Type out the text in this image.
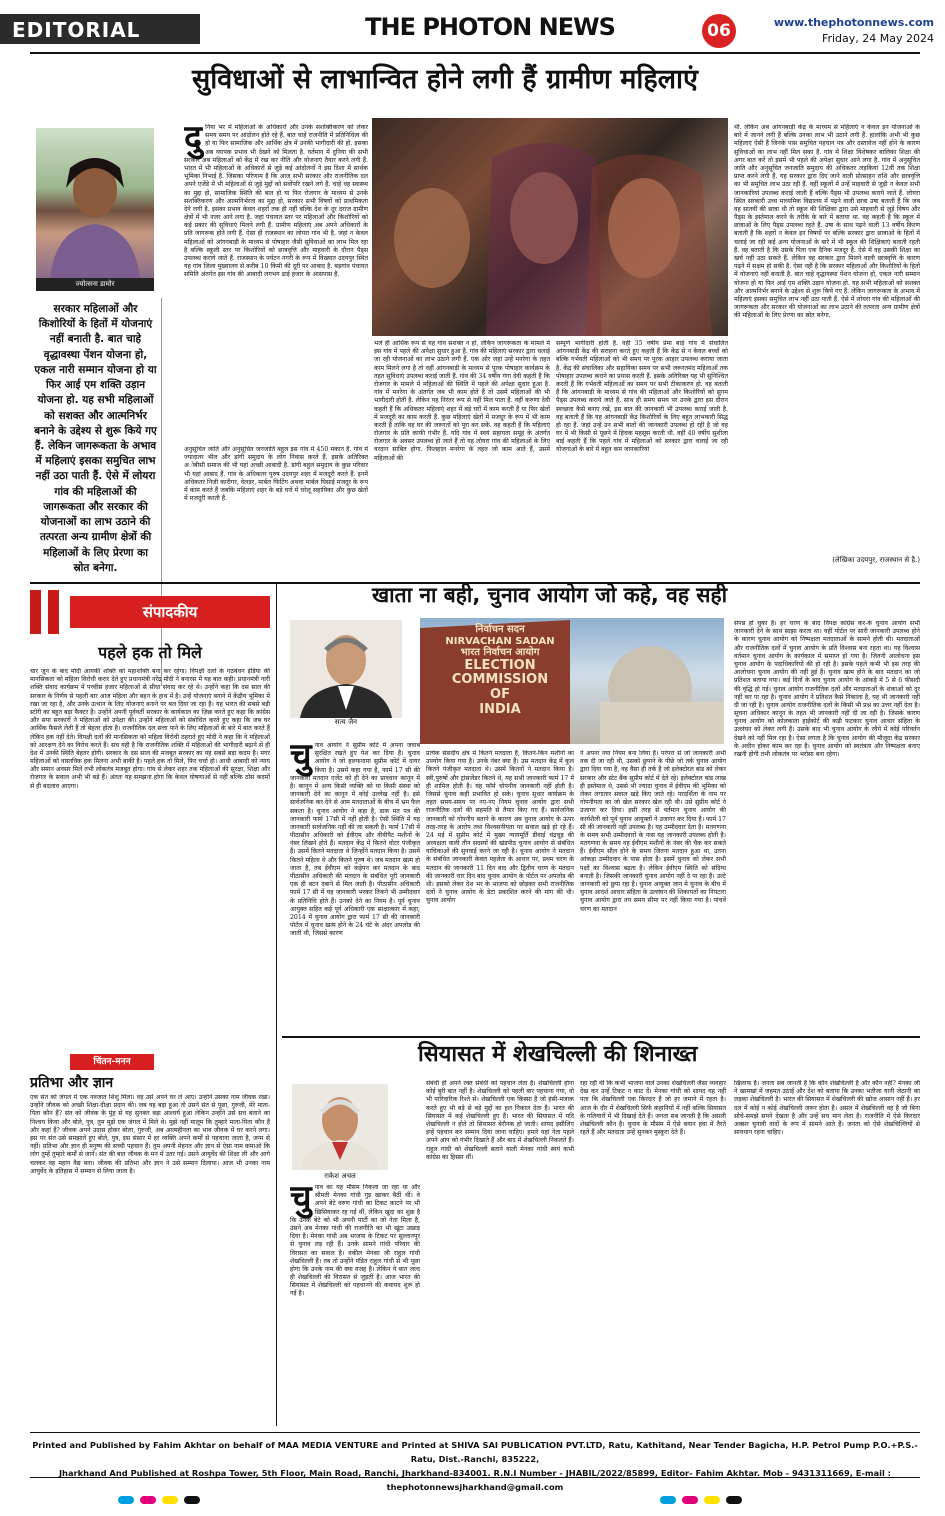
EDITORIAL	THE PHOTON NEWS	06	www.thephotonnews.com
Friday, 24 May 2024
सुविधाओं से लाभान्वित होने लगी हैं ग्रामीण महिलाएं
ज्योत्सना डामोर
सरकार महिलाओं और किशोरियों के हितों में योजनाएं नहीं बनाती है. बात चाहे वृद्धावस्था पेंशन योजना हो, एकल नारी सम्मान योजना हो या फिर आई एम शक्ति उड़ान योजना हो. यह सभी महिलाओं को सशक्त और आत्मनिर्भर बनाने के उद्देश्य से शुरू किये गए हैं. लेकिन जागरूकता के अभाव में महिलाएं इसका समुचित लाभ नहीं उठा पाती हैं. ऐसे में लोयरा गांव की महिलाओं की जागरूकता और सरकार की योजनाओं का लाभ उठाने की तत्परता अन्य ग्रामीण क्षेत्रों की महिलाओं के लिए प्रेरणा का स्रोत बनेगा.
दुनिया भर में महिलाओं के अधिकारों और उनके सशक्तिकरण को लेकर समय समय पर आंदोलन होते रहे हैं. बात चाहे राजनीति में प्रतिनिधित्व की हो या फिर सामाजिक और आर्थिक क्षेत्र में उनकी भागीदारी की हो. इसका अब व्यापक प्रभाव भी देखने को मिलता है. वर्तमान में दुनिया की सभी सरकारें अब महिलाओं को केंद्र में रख कर नीति और योजनाएं तैयार करने लगी हैं. भारत में भी महिलाओं के अधिकारों से जुड़े कई आंदोलनों ने इस दिशा में सार्थक भूमिका निभाई है. जिसका परिणाम है कि आज सभी सरकार और राजनीतिक दल अपने एजेंडे में भी महिलाओं से जुड़े मुद्दों को सर्वोपरि रखने लगे हैं. चाहे वह स्वास्थ्य का मुद्दा हो, सामाजिक स्थिति की बात हो या फिर रोजगार के माध्यम से उनके सशक्तिकरण और आत्मनिर्भरता का मुद्दा हो, सरकार सभी विषयों को प्राथमिकता देने लगी है. इसका प्रभाव केवल शहरों तक ही नहीं बल्कि देश के दूर दराज ग्रामीण क्षेत्रों में भी नजर आने लगा है. जहां पंचायत स्तर पर महिलाओं और किशोरियों को कई प्रकार की सुविधाएं मिलने लगी हैं. ग्रामीण महिलाएं अब अपने अधिकारों के प्रति जागरूक होने लगी हैं. ऐसा ही राजस्थान का लोयरा गांव भी है. जहां न केवल महिलाओं को आंगनबाड़ी के माध्यम से पोषाहार जैसी सुविधाओं का लाभ मिल रहा है बल्कि स्कूली स्तर पर किशोरियों को छात्रवृत्ति और माहवारी के दौरान पैड्स उपलब्ध कराये जाते हैं. राजस्थान के पर्यटन नगरी के रूप में विख्यात उदयपुर स्थित यह गांव जिला मुख्यालय से करीब 10 किमी की दूरी पर आबाद है. बड़गांव पंचायत समिति अंतर्गत इस गांव की आबादी लगभग ढाई हजार के आसपास है.
अनुसूचित जाति और अनुसूचित जनजाति बहुल इस गांव में 450 मकान हैं. गांव में ज्यादातर भील और डांगी समुदाय के लोग निवास करते हैं. इसके अतिरिक्त अोबीसी समाज की भी यहां अच्छी आबादी है. डांगी बहुल समुदाय के कुछ परिवार भी यहां आबाद हैं. गांव के अधिकतर पुरुष उदयपुर शहर में मजदूरी करते हैं. इनमें अधिकतर निजी कारीगर, वेलडर, मार्बल फिटिंग अथवा मार्बल घिसाई मजदूर के रूप में काम करते हैं जबकि महिलाएं शहर के बड़े घरों में घरेलू सहायिका और कुछ खेतों में मजदूरी करती हैं.
भले ही आर्थिक रूप से यह गांव सशक्त न हो, लेकिन जागरूकता के मामले में इस गांव में पहले की अपेक्षा सुधार हुआ है. गांव की महिलाएं सरकार द्वारा चलाई जा रही योजनाओं का लाभ उठाने लगी हैं. एक ओर जहां उन्हें मनरेगा के तहत काम मिलने लगा है तो वहीं आंगनबाड़ी के माध्यम से पूरक पोषाहार कार्यक्रम के तहत सुविधाएं उपलब्ध कराई जाती हैं. गांव की 34 वर्षीय गंगा देवी कहती हैं कि रोजगार के मामले में महिलाओं की स्थिति में पहले की अपेक्षा सुधार हुआ है. गांव में मनरेगा के अंतर्गत जब भी काम होते हैं तो उसमें महिलाओं की भी भागीदारी होती है. लेकिन यह निरंतर रूप से नहीं मिल पाता है. वहीं करुणा देवी कहती हैं कि अधिकतर महिलाएं शहर में बड़े घरों में काम करती हैं या फिर खेतों में मजदूरी का काम करती हैं. कुछ महिलाएं खेतों में मजदूर के रूप में भी काम करती हैं ताकि वह घर की जरूरतों को पूरा कर सकें. वह कहती हैं कि महिलाएं रोजगार के प्रति काफी गंभीर हैं. यदि गांव में स्वयं सहायता समूह के अंतर्गत रोजगार के अवसर उपलब्ध हो जाते हैं तो यह लोयरा गांव की महिलाओं के लिए वरदान साबित होगा. फिलहाल मनरेगा के तहत जो काम आते हैं, उसमें महिलाओं की
सम्पूर्ण भागीदारी होती है. वहीं 35 वर्षीय प्रेमा बाई गांव में संचालित आंगनबाड़ी केंद्र की सराहना करते हुए कहती हैं कि केंद्र से न केवल बच्चों को बल्कि गर्भवती महिलाओं को भी समय पर पूरक आहार उपलब्ध कराया जाता है. केंद्र की संचालिका और सहायिका समय पर सभी जरूरतमंद महिलाओं तक पोषाहार उपलब्ध कराने का प्रयास करती हैं. इसके अतिरिक्त यह भी सुनिश्चित करती हैं कि गर्भवती महिलाओं का समय पर सभी टीकाकरण हो. वह बताती हैं कि आंगनबाड़ी के माध्यम से गांव की महिलाओं और किशोरियों को सुगम पैड्स उपलब्ध कराये जाते हैं. साथ ही समय समय पर उनके द्वारा इस दौरान स्वच्छता कैसे बनाए रखें, इस बात की जानकारी भी उपलब्ध कराई जाती है. वह बताती हैं कि यह आंगनबाड़ी केंद्र किशोरियों के लिए बहुत लाभकारी सिद्ध हो रहा है. जहां उन्हें उन सभी बातों की जानकारी उपलब्ध हो रही है जो वह घर में भी किसी से पूछने में हिचक महसूस करती थी. वहीं 40 वर्षीय सुशीला बाई कहती हैं कि पहले गांव में महिलाओं को सरकार द्वारा चलाई जा रही योजनाओं के बारे में बहुत कम जानकारियां
थी. लेकिन अब आंगनबाड़ी केंद्र के माध्यम से महिलाएं न केवल इन योजनाओं के बारे में जानने लगी हैं बल्कि उनका लाभ भी उठाने लगी हैं. हालांकि अभी भी कुछ महिलाएं ऐसी हैं जिनके पास समुचित पहचान पत्र और दस्तावेज नहीं होने के कारण सुविधाओं का लाभ नहीं मिल सका है. गांव में शिक्षा विशेषकर बालिका शिक्षा की अगर बात करें तो इसमें भी पहले की अपेक्षा सुधार आने लगा है. गांव में अनुसूचित जाति और अनुसूचित जनजाति समुदाय की अधिकतर लड़कियां 12वीं तक शिक्षा प्राप्त करने लगी हैं. यह सरकार द्वारा दिए जाने वाली प्रोत्साहन राशि और छात्रवृत्ति का भी समुचित लाभ उठा रही हैं. वहीं स्कूलों में उन्हें माहवारी से जुड़ी न केवल सभी जानकारियां उपलब्ध कराई जाती हैं बल्कि पैड्स भी उपलब्ध कराये जाते हैं. लोयरा स्थित सरकारी उच्च माध्यमिक विद्यालय में पढ़ने वाली छात्रा उषा बताती है कि जब वह सातवीं की छात्रा थी तो स्कूल की शिक्षिका द्वारा उसे माहवारी से जुड़े विषय और पैड्स के इस्तेमाल करने के तरीके के बारे में बताया था. वह कहती है कि स्कूल में छात्राओं के लिए पैड्स उपलब्ध रहते हैं. उषा के साथ पढ़ने वाली 13 वर्षीय किरण बताती है कि शहरों न केवल इन विषयों पर बल्कि सरकार द्वारा छात्राओं के हितों में चलाई जा रही कई अन्य योजनाओं के बारे में भी स्कूल की शिक्षिकाएं बताती रहती हैं. वह बताती है कि उसके पिता एक दैनिक मजदूर हैं. ऐसे में वह उसकी शिक्षा का खर्च नहीं उठा सकते हैं. लेकिन वह सरकार द्वारा मिलने वाली छात्रवृत्ति के कारण पढ़ने में सक्षम हो सकी है. ऐसा नहीं है कि सरकार महिलाओं और किशोरियों के हितों में योजनाएं नहीं बनाती है. बात चाहे वृद्धावस्था पेंशन योजना हो, एकल नारी सम्मान योजना हो या फिर आई एम शक्ति उड़ान योजना हो. यह सभी महिलाओं को सशक्त और आत्मनिर्भर बनाने के उद्देश्य से शुरू किये गए हैं. लेकिन जागरूकता के अभाव में महिलाएं इसका समुचित लाभ नहीं उठा पाती हैं. ऐसे में लोयरा गांव की महिलाओं की जागरूकता और सरकार की योजनाओं का लाभ उठाने की तत्परता अन्य ग्रामीण क्षेत्रों की महिलाओं के लिए प्रेरणा का स्रोत बनेगा.
(लेखिका उदयपुर, राजस्थान से है.)
संपादकीय
पहले हक तो मिले
चार जून के बाद मोदी आयकी शक्ति को महाशक्ति बना कर रहेगा। विपक्षी दलों के गठबंधन इंडिया की मानसिकता को महिला विरोधी करार देते हुए प्रधानमंत्री नरेंद्र मोदी ने बनारस में यह बात कही। प्रधानमंत्री नारी शक्ति संवाद कार्यक्रम में पच्चीस हजार महिलाओं से सीधा संवाद कर रहे थे। उन्होंने कहा कि दस साल की सरकार के निर्णय से पहली बार आज महिला और बहन के हाथ में है। उन्हें योजनाएं बनाने में केंद्रीय भूमिका में रखा जा रहा है, और उनके उत्थान के लिए योजनाएं बनाने पर बल दिया जा रहा है। यह भारत की सबसे बड़ी स्टोरी का बहुत बड़ा फैक्टर है। उन्होंने अपनी पूर्ववर्ती सरकार के कार्यकाल का ज़िक्र करते हुए कहा कि कांग्रेस और सपा सरकारों ने महिलाओं को उपेक्षा की। उन्होंने महिलाओं को संबोधित करते हुए कहा कि जब घर आर्थिक फैसले लेती हैं तो बेहतर होता है। राजनीतिक दल सत्ता पाने के लिए महिलाओं के बारे में बात करते हैं लेकिन हक नहीं देते। विपक्षी दलों की मानसिकता को महिला विरोधी ठहराते हुए मोदी ने कहा कि वे महिलाओं को आरक्षण देने का विरोध करते हैं। सच यही है कि राजनीतिक शक्ति में महिलाओं की भागीदारी बढ़ाने से ही देश में उनकी स्थिति बेहतर होगी। सरकार के दस साल की मजबूत सरकार का यह सबसे बड़ा कदम है। मगर महिलाओं को वास्तविक हक मिलना अभी बाकी है। पहले हक तो मिले, फिर चर्चा हो। आधी आबादी को न्याय और समान अवसर मिलें तभी लोकतंत्र मजबूत होगा। गांव से लेकर शहर तक महिलाओं की सुरक्षा, शिक्षा और रोजगार के सवाल अभी भी बड़े हैं। अंततः यह समझना होगा कि केवल घोषणाओं से नहीं बल्कि ठोस कदमों से ही बदलाव आएगा।
चिंतन-मनन
प्रतिभा और ज्ञान
एक संत को जंगल में एक नवजात शिशु मिला। वह उसे अपने घर ले आए। उन्होंने उसका नाम जीवक रखा। उन्होंने जीवक को अच्छी शिक्षा-दीक्षा प्रदान की। जब वह बड़ा हुआ तो उसने संत से पूछा, गुरुजी, मेरे माता-पिता कौन हैं? संत को जीवक के मुंह से यह सुनकर बड़ा आश्चर्य हुआ लेकिन उन्होंने उसे सच बताने का निश्चय किया और बोले, पुत्र, तुम मुझे एक जंगल में मिले थे। मुझे नहीं मालूम कि तुम्हारे माता-पिता कौन हैं और कहां हैं? जीवक अपने उदास होकर बोला, गुरुजी, अब आत्महीनता का भाव जीवक में घर करने लगा। इस पर संत उसे समझाते हुए बोले, पुत्र, इस संसार में हर व्यक्ति अपने कर्मों से पहचाना जाता है, जन्म से नहीं। प्रतिभा और ज्ञान ही मनुष्य की सच्ची पहचान हैं। तुम अपनी मेहनत और ज्ञान से ऐसा नाम कमाओ कि लोग तुम्हें तुम्हारे कर्मों से जानें। संत की बात जीवक के मन में उतर गई। उसने आयुर्वेद की शिक्षा ली और आगे चलकर वह महान वैद्य बना। जीवक की प्रतिभा और ज्ञान ने उसे सम्मान दिलाया। आज भी उनका नाम आयुर्वेद के इतिहास में सम्मान से लिया जाता है।
खाता ना बही, चुनाव आयोग जो कहे, वह सही
सत्य जैन
निर्वाचन सदन
NIRVACHAN SADAN
भारत निर्वाचन आयोग
ELECTION COMMISSION
OF
INDIA
चुनाव आयोग ने सुप्रीम कोर्ट में अपना जवाब सुरक्षित रखते हुए पेश कर दिया है। चुनाव आयोग ने जो हलफनामा सुप्रीम कोर्ट में दायर किया है। उसमें कहा गया है, फार्म 17 सी की जानकारी मतदान एजेंट को ही देने का प्रावधान कानून में है। कानून में अन्य किसी व्यक्ति को या किसी संस्था को जानकारी देने का कानून में कोई उल्लेख नहीं है। इसे सार्वजनिक कर देने से आम मतदाताओं के बीच में भ्रम फैल सकता है। चुनाव आयोग ने कहा है, डाक मत पत्र की जानकारी फार्म 17सी में नहीं होती है। ऐसी स्थिति में यह जानकारी सार्वजनिक नहीं की जा सकती है। फार्म 17सी में पीठासीन अधिकारी को ईवीएम और वीवीपैट मशीनों के नंबर लिखने होते हैं। मतदान केंद्र में कितने वोटर पंजीकृत हैं। उसमें कितने मतदाता थे जिन्होंने मतदान किया है। उसमें कितने महिला थे और कितने पुरुष थे। जब मतदान खत्म हो जाता है, तब ईवीएम को कड़ेपन कर मतदान के बाद पीठासीन अधिकारी की मतदान के संबंधित पूरी जानकारी एक ही बटन दबाने से मिल जाती है। पीठासीन अधिकारी फार्म 17 सी में यह जानकारी भरकर तिकने भी उम्मीदवार के प्रतिनिधि होते हैं। उनको देने का नियम है। पूर्व चुनाव आयुक्त सहित कई पूर्व अधिकारी एक साक्षात्कार में कहा, 2014 में चुनाव आयोग द्वारा फार्म 17 सी की जानकारी पोर्टल में चुनाव खत्म होने के 24 घंटे के अंदर अपलोड की जाती थी, जिससे कारण
प्रत्येक संसदीय क्षेत्र में कितने मतदाता हैं, कितने-किन मशीनों का उपयोग किया गया है। उनके नंबर क्या हैं। उस मतदान केंद्र में कुल कितने पंजीकृत मतदाता थे। उसमें कितनों ने मतदान किया है। स्त्री,पुरुषों और ट्रांसजेंडर कितने थे, यह सभी जानकारी फार्म 17 में ही शामिल होती है। यह फॉर्म चोपनीय जानकारी नहीं होती है। जिससे चुनाव कहीं प्रभावित हो सके। चुनाव सुधार कार्यक्रम के तहत समय-समय पर नए-नए नियम चुनाव आयोग द्वारा सभी राजनीतिक दलों की सहमति से तैयार किए गए हैं। सार्वजनिक जानकारी को गोपनीय बताने के कारण अब चुनाव आयोग के ऊपर तरह-तरह के आरोप तथा विश्वसनीयता पर सवाल खड़े हो रहे हैं। 24 मई में सुप्रीम कोर्ट में मुख्य न्यायमूर्ति डीवाई चंद्रचूड़ की अध्यक्षता वाली तीन सदस्यों की खंडपीठ चुनाव आयोग से संबंधित याचिकाओं की सुनवाई करने जा रही है। चुनाव आयोग ने मतदान के संबंधित जानकारी केवल पहलेता के आधार पर, प्रथम चरण के मतदान की जानकारी 11 दिन बाद और द्वितीय चरण के मतदान की जानकारी चार दिन बाद चुनाव आयोग के पोर्टल पर अपलोड की थी। इसको लेकर देश भर के भाजपा को छोड़कर सभी राजनीतिक दलों ने चुनाव आयोग के डेटा प्रकाशित करने की मांग की थी। चुनाव आयोग
ने अपना नया नियम बना लिया है। परंपरा से जो जानकारी अभी तक दी जा रही थी, उसको छुपाने के पीछे जो तर्क चुनाव आयोग द्वारा दिया गया है, वह वैसा ही तर्क है जो इलेक्टोरल बांड को लेकर सरकार और स्टेट बैंक सुप्रीम कोर्ट में देते रहे। इलेक्टोरल बांड लाख ही इस्तेमाल थे, उससे भी ज्यादा चुनाव में ईवीएम की भूमिका को लेकर लगातार सवाल खड़े किए जाते रहे। परदर्शिता के नाम पर गोपनीयता का जो खेल सरकार खेल रही थी। उसे सुप्रीम कोर्ट ने उजागर कर दिया। इसी तरह से वर्तमान चुनाव आयोग की कार्यशैली को पूर्व चुनाव आयुक्तों ने उजागर कर दिया है। फार्म 17 सी की जानकारी नहीं उपलब्ध है। यह उम्मीदवार देता है। मतगणना के समय सभी उम्मीदवारों के पास यह जानकारी उपलब्ध होती है। मतगणना के समय वह ईवीएम मशीनों के नंबर की चैक कर सकते हैं। ईवीएम सील होने के समय जितना मतदान हुआ था, उतना आंकड़ा उम्मीदवार के पास होता है। इसमें चुनाव को लेकर सभी पक्षों का विश्वास बढ़ता है। लेकिन ईवीएम स्थिति को संदिग्ध बनाती है। जिसकी जानकारी चुनाव आयोग नहीं दे पा रहा है। उल्टे जानकारी को छुपा रहा है। चुनाव आयुक्त जान मे चुनाव के बीच में चुनाव आदर्श आचार संहिता के उल्लंघन की शिकायतों का निपटारा चुनाव आयोग द्वारा तय समय सीमा पर नहीं किया गया है। पांचवें चरण का मतदान
संपन्न हो चुका है। हर चरण के बाद विपक्ष कांग्रेस कर-के चुनाव आयोग सभी जानकारी देने के साथ साझा करता था। वहीं पोर्टल पर सारी जानकारी उपलब्ध होने के कारण चुनाव आयोग को निष्पक्षता मतदाताओं के सामने होती थी। मतदाताओं और राजनीतिक दलों में चुनाव आयोग के प्रति विश्वास बना रहता था। यह विश्वास वर्तमान चुनाव आयोग के कार्यकाल में समाप्त हो गया है। जितनी आलोचना इस चुनाव आयोग के पदाधिकारियों की हो रही है। इसके पहले कभी भी इस तरह की आलोचना चुनाव आयोग की नहीं हुई है। चुनाव खत्म होने के बाद मतदान का जो प्रतिशत बताया गया। कई दिनों के बाद चुनाव आयोग के आंकड़े में 5 से 6 फीसदी की वृद्धि हो गई। चुनाव आयोग राजनीतिक दलों और मतदाताओं के शंकाओं को दूर नहीं कर पा रहा है। चुनाव आयोग ने प्रतिशत कैसे निकाला है, यह भी जानकारी नहीं दी जा रही है। चुनाव आयोग राजनीतिक दलों के किसी भी प्रश्न का उत्तर नहीं देता है। सूचना अधिकार कानून के तहत भी जानकारी नहीं दी जा रही है। जिसके कारण चुनाव आयोग को कोलकाता हाईकोर्ट की कड़ी फटकार चुनाव आचार संहिता के उल्लंघन को लेकर लगी है। उसके बाद भी चुनाव आयोग के रवैये में कोई परिवर्तन देखने को नहीं मिल रहा है। ऐसा लगता है कि चुनाव आयोग की मौजूदा केंद्र सरकार के अधीन होकर काम कर रहा है। चुनाव आयोग को स्वतंत्रता और निष्पक्षता बनाए रखनी होगी तभी लोकतंत्र पर भरोसा बना रहेगा।
सियासत में शेखचिल्ली की शिनाख्त
राकेश अचल
चुनाव का यह मौसम निकला जा रहा था और श्रीमती मेनका गांधी गुड़ खाकर बैठीं थीं। वे अपने बेटे वरुण गांधी का टिकट काटने पर भी खिसियाकर रह गईं थीं, लेकिन खुदा का शुक्र है कि उनके बेटे को भी अपनी पार्टी का जो नेता मिला है, उसने अब मेनका गांधी की राजनीति का भी खूंटा उखाड़ दिया है। मेनका गांधी अब भाजपा के टिकट पर सुल्तानपुर से चुनाव लड़ रही हैं। उनके सामने गांधी परिवार की विरासत का सवाल है। वकील मेनका जी राहुल गांधी शेखचिल्ली हैं। तब तो उन्होंने पंडित राहुल गांधी से भी पूछा होगा कि उनके नाम की क्या वजह है। लेकिन ये बात जल्द ही शेखचिल्ली की विरासत से जुड़ती है। आज भारत की सियासत में शेखचिल्ली को पहचानने की कवायद शुरू हो गई है।
संबंधी ही अपने रक्त संबंधी को पहचान लेता है। शेखचिल्ली होना कोई बुरी बात नहीं है। शेखचिल्ली को पहली बार पहचाना गया, वो भी पारिवारिक रिश्ते से। शेखचिल्ली एक किस्सा है जो हंसी-मजाक करते हुए भी बड़े से बड़े मुद्दों का हल निकाल देता है। भारत की सियासत में कई शेखचिल्ली हुए हैं। भारत की सियासत में यदि शेखचिल्ली न होते तो सियासत बेरौनक हो जाती। शायद इसीलिए इन्हें पहचान कर सम्मान दिया जाना चाहिए। हमारे यहां नेता पहले अपने आप को गंभीर दिखाते हैं और बाद में शेखचिल्ली निकलते हैं। राहुल गांधी को शेखचिल्ली बताने वाली मेनका गांधी स्वयं कभी कांग्रेस का हिस्सा थीं।
रहा रहीं थीं कि कभी भाजपा वाले उनका शेखचिल्ली जैसा व्यवहार देख कर उन्हें टिकट न काट दें। मेनका गांधी को शायद यह नहीं पता कि शेखचिल्ली एक किरदार है जो हर जमाने में रहता है। आज के दौर में शेखचिल्ली सिर्फ कहानियों में नहीं बल्कि सियासत के गलियारों में भी दिखाई देते हैं। जनता सब जानती है कि असली शेखचिल्ली कौन है। चुनाव के मौसम में ऐसे बयान हवा में तैरते रहते हैं और मतदाता उन्हें सुनकर मुस्कुरा देते हैं।
खिलाफ है। जनता सब जानती है कि कौन शेखचिल्ली है और कौन नहीं? मेनका जी ने खामखां में जहमत उठाई और देश को बताया कि उनका भतीजा यानी जेठानी का लड़का शेखचिल्ली है। भारत की सियासत में शेखचिल्ली की खोज आसान नहीं है। हर दल में कोई न कोई शेखचिल्ली जरूर होता है। असल में शेखचिल्ली वह है जो बिना सोचे-समझे सपने देखता है और उन्हें सच मान लेता है। राजनीति में ऐसे किरदार अक्सर चुनावी वादों के रूप में सामने आते हैं। जनता को ऐसे शेखचिल्लियों से सावधान रहना चाहिए।
Printed and Published by Fahim Akhtar on behalf of MAA MEDIA VENTURE and Printed at SHIVA SAI PUBLICATION PVT.LTD, Ratu, Kathitand, Near Tender Bagicha, H.P. Petrol Pump P.O.+P.S.- Ratu, Dist.-Ranchi, 835222,
Jharkhand And Published at Roshpa Tower, 5th Floor, Main Road, Ranchi, Jharkhand-834001. R.N.I Number - JHABIL/2022/85899, Editor- Fahim Akhtar. Mob - 9431311669, E-mail : thephotonnewsjharkhand@gmail.com
